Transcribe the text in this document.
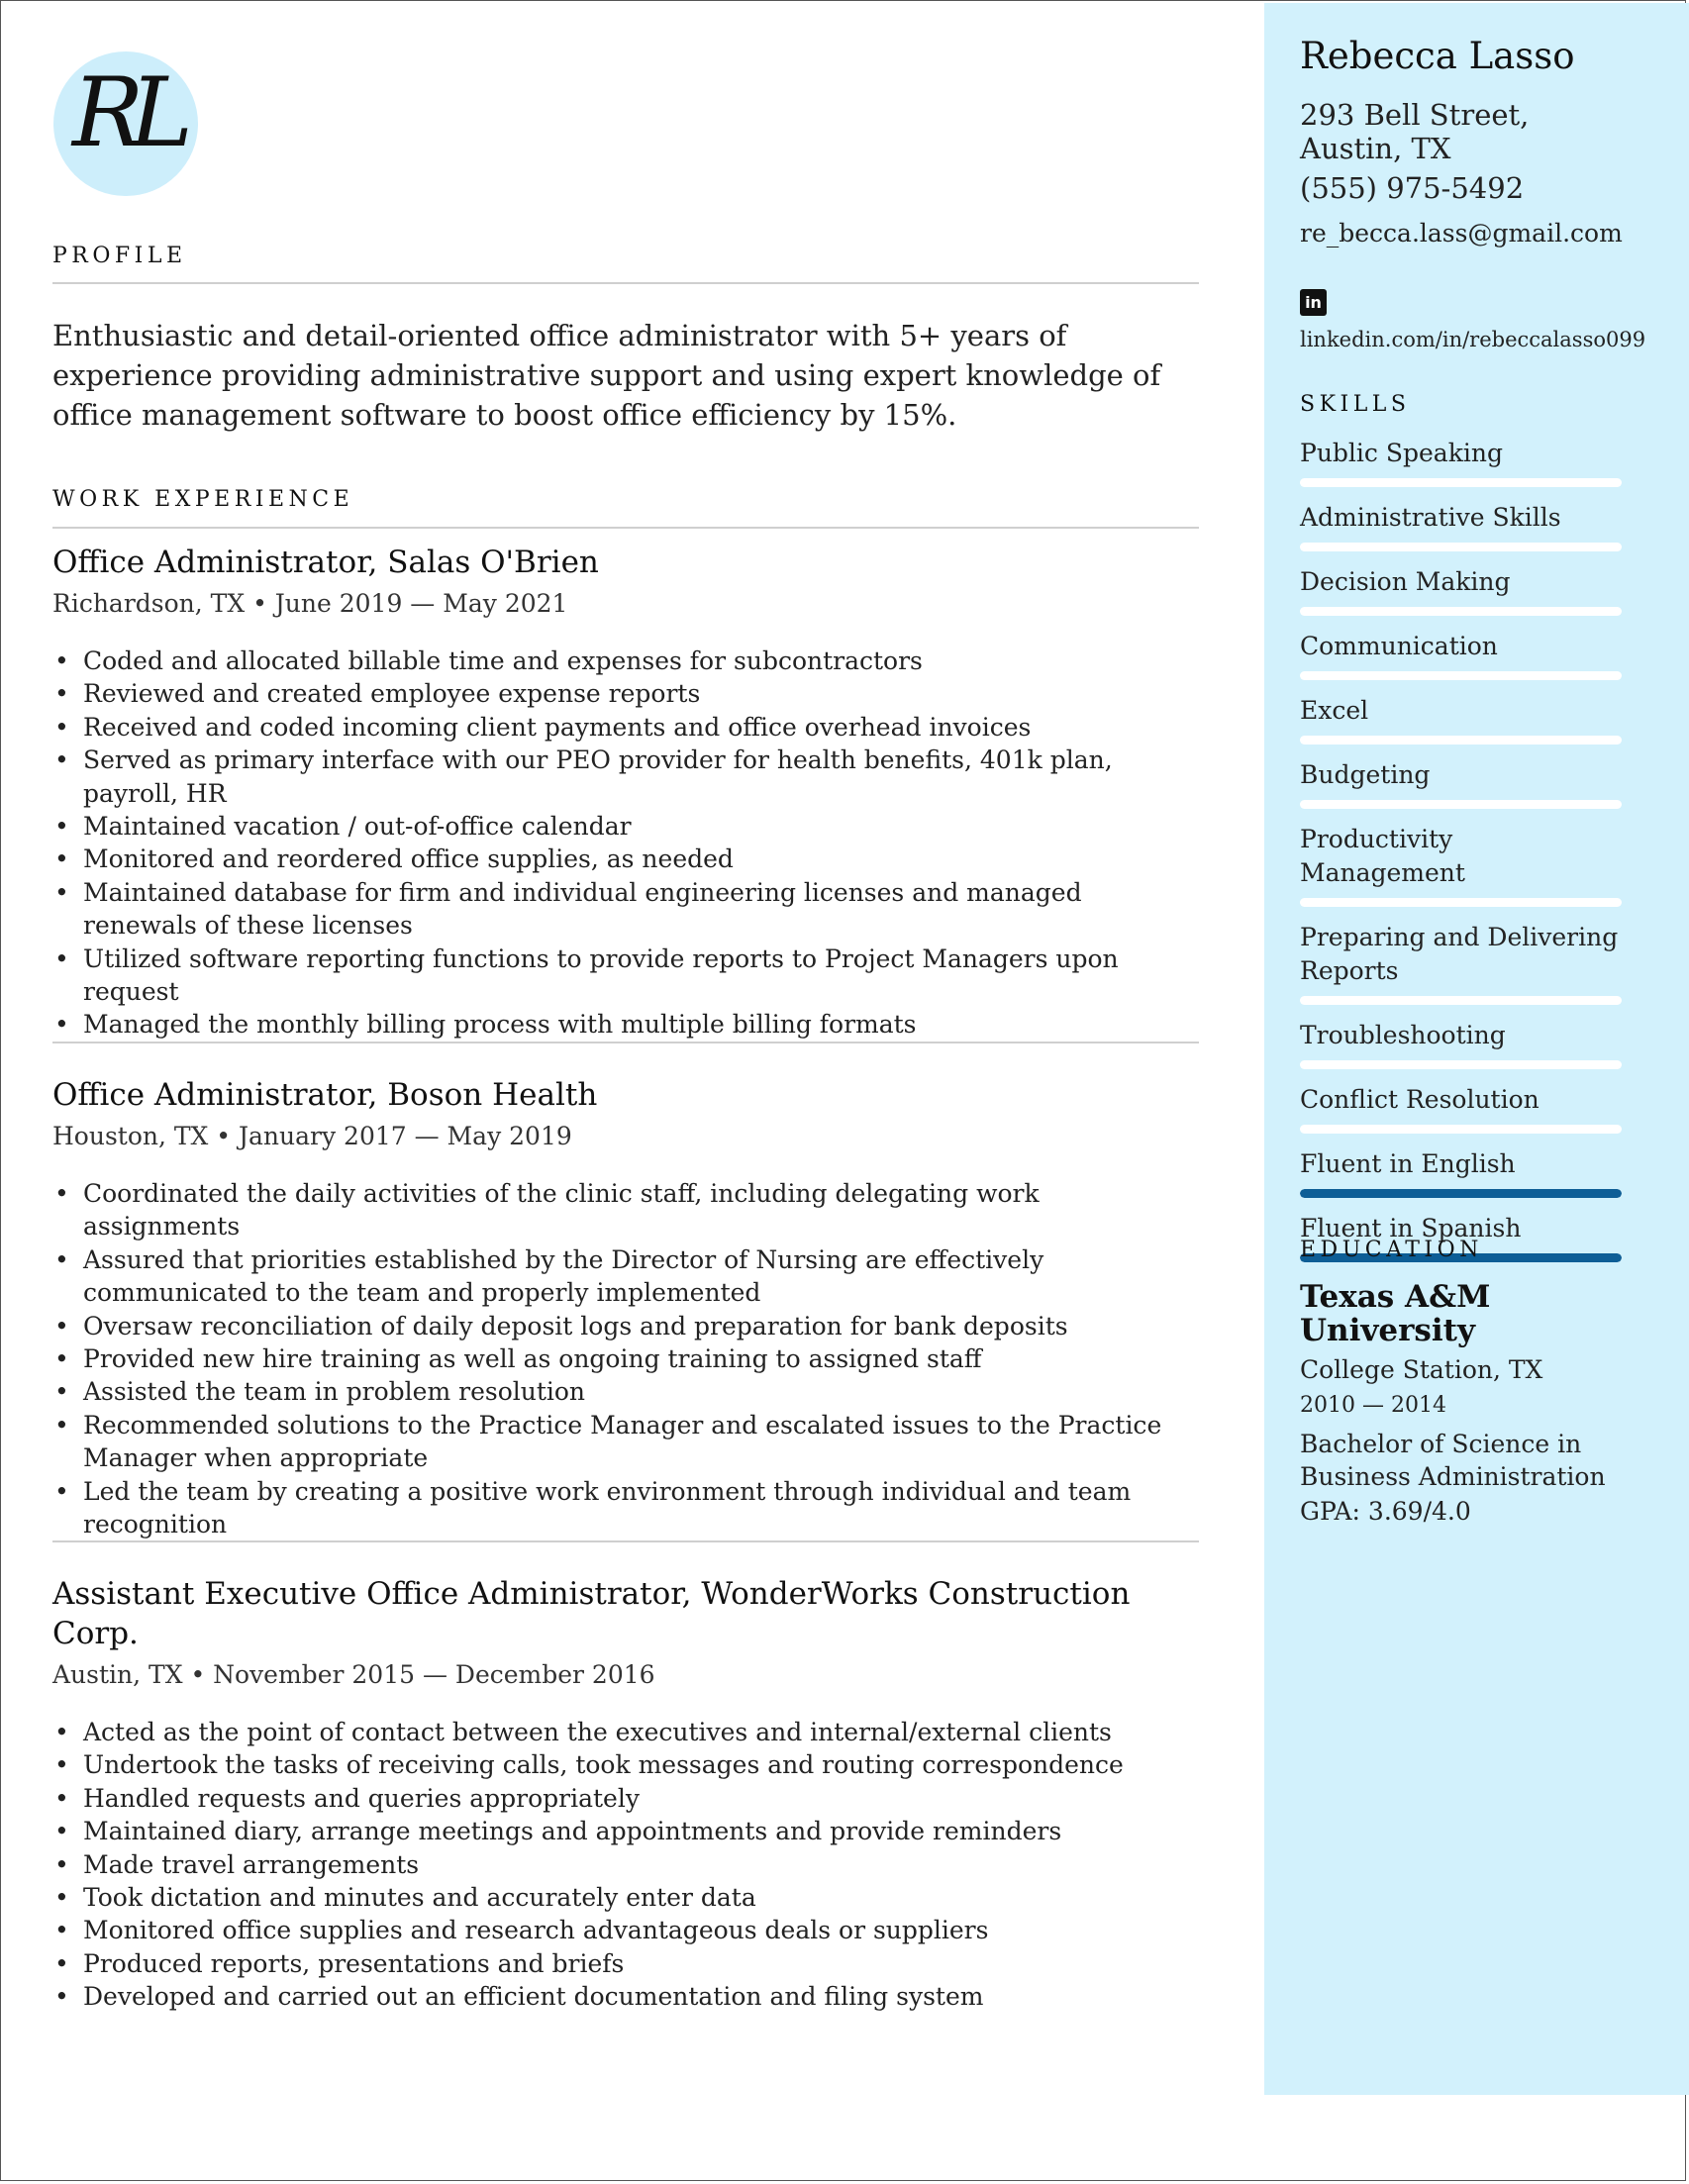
RL
PROFILE
Enthusiastic and detail-oriented office administrator with 5+ years of experience providing administrative support and using expert knowledge of office management software to boost office efficiency by 15%.
WORK EXPERIENCE
Office Administrator, Salas O'Brien
Richardson, TX • June 2019 — May 2021
• Coded and allocated billable time and expenses for subcontractors
• Reviewed and created employee expense reports
• Received and coded incoming client payments and office overhead invoices
• Served as primary interface with our PEO provider for health benefits, 401k plan, payroll, HR
• Maintained vacation / out-of-office calendar
• Monitored and reordered office supplies, as needed
• Maintained database for firm and individual engineering licenses and managed renewals of these licenses
• Utilized software reporting functions to provide reports to Project Managers upon request
• Managed the monthly billing process with multiple billing formats
Office Administrator, Boson Health
Houston, TX • January 2017 — May 2019
• Coordinated the daily activities of the clinic staff, including delegating work assignments
• Assured that priorities established by the Director of Nursing are effectively communicated to the team and properly implemented
• Oversaw reconciliation of daily deposit logs and preparation for bank deposits
• Provided new hire training as well as ongoing training to assigned staff
• Assisted the team in problem resolution
• Recommended solutions to the Practice Manager and escalated issues to the Practice Manager when appropriate
• Led the team by creating a positive work environment through individual and team recognition
Assistant Executive Office Administrator, WonderWorks Construction Corp.
Austin, TX • November 2015 — December 2016
• Acted as the point of contact between the executives and internal/external clients
• Undertook the tasks of receiving calls, took messages and routing correspondence
• Handled requests and queries appropriately
• Maintained diary, arrange meetings and appointments and provide reminders
• Made travel arrangements
• Took dictation and minutes and accurately enter data
• Monitored office supplies and research advantageous deals or suppliers
• Produced reports, presentations and briefs
• Developed and carried out an efficient documentation and filing system
Rebecca Lasso
293 Bell Street,
Austin, TX
(555) 975-5492
re_becca.lass@gmail.com
in
linkedin.com/in/rebeccalasso099
SKILLS
Public Speaking
Administrative Skills
Decision Making
Communication
Excel
Budgeting
Productivity Management
Preparing and Delivering Reports
Troubleshooting
Conflict Resolution
Fluent in English
Fluent in Spanish
EDUCATION
Texas A&M University
College Station, TX
2010 — 2014
Bachelor of Science in Business Administration
GPA: 3.69/4.0
